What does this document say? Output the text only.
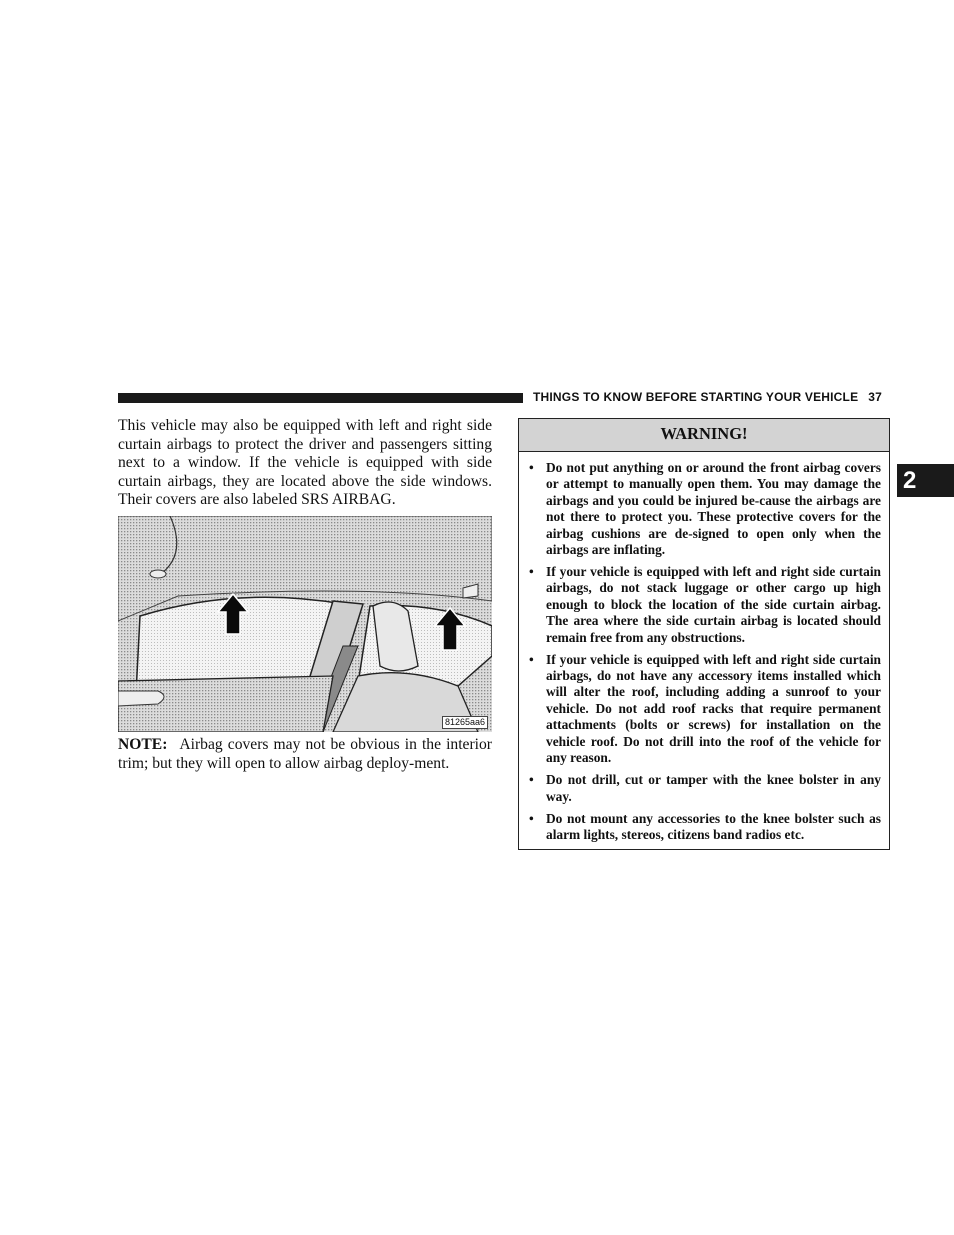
THINGS TO KNOW BEFORE STARTING YOUR VEHICLE 37
2

This vehicle may also be equipped with left and right side curtain airbags to protect the driver and passengers sitting next to a window. If the vehicle is equipped with side curtain airbags, they are located above the side windows. Their covers are also labeled SRS AIRBAG.

81265aa6

NOTE: Airbag covers may not be obvious in the interior trim; but they will open to allow airbag deploy-ment.

WARNING!
• Do not put anything on or around the front airbag covers or attempt to manually open them. You may damage the airbags and you could be injured be-cause the airbags are not there to protect you. These protective covers for the airbag cushions are de-signed to open only when the airbags are inflating.
• If your vehicle is equipped with left and right side curtain airbags, do not stack luggage or other cargo up high enough to block the location of the side curtain airbag. The area where the side curtain airbag is located should remain free from any obstructions.
• If your vehicle is equipped with left and right side curtain airbags, do not have any accessory items installed which will alter the roof, including adding a sunroof to your vehicle. Do not add roof racks that require permanent attachments (bolts or screws) for installation on the vehicle roof. Do not drill into the roof of the vehicle for any reason.
• Do not drill, cut or tamper with the knee bolster in any way.
• Do not mount any accessories to the knee bolster such as alarm lights, stereos, citizens band radios etc.
